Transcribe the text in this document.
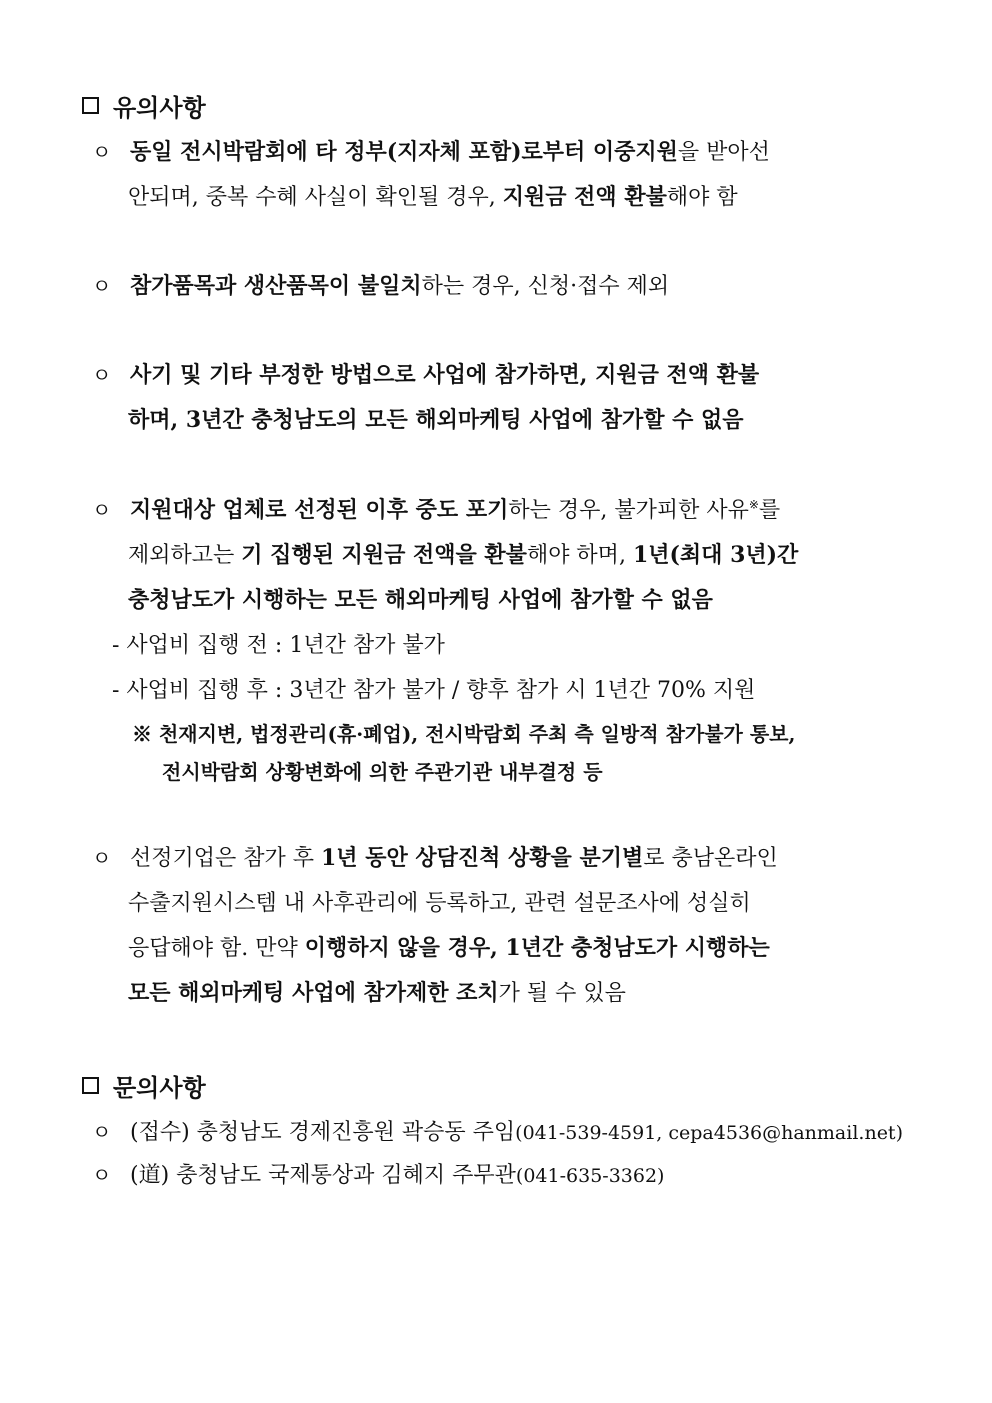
유의사항
ㅇ 동일 전시박람회에 타 정부(지자체 포함)로부터 이중지원을 받아선
안되며, 중복 수혜 사실이 확인될 경우, 지원금 전액 환불해야 함
ㅇ 참가품목과 생산품목이 불일치하는 경우, 신청·접수 제외
ㅇ 사기 및 기타 부정한 방법으로 사업에 참가하면, 지원금 전액 환불
하며, 3년간 충청남도의 모든 해외마케팅 사업에 참가할 수 없음
ㅇ 지원대상 업체로 선정된 이후 중도 포기하는 경우, 불가피한 사유※를
제외하고는 기 집행된 지원금 전액을 환불해야 하며, 1년(최대 3년)간
충청남도가 시행하는 모든 해외마케팅 사업에 참가할 수 없음
- 사업비 집행 전 : 1년간 참가 불가
- 사업비 집행 후 : 3년간 참가 불가 / 향후 참가 시 1년간 70% 지원
※ 천재지변, 법정관리(휴·폐업), 전시박람회 주최 측 일방적 참가불가 통보,
전시박람회 상황변화에 의한 주관기관 내부결정 등
ㅇ 선정기업은 참가 후 1년 동안 상담진척 상황을 분기별로 충남온라인
수출지원시스템 내 사후관리에 등록하고, 관련 설문조사에 성실히
응답해야 함. 만약 이행하지 않을 경우, 1년간 충청남도가 시행하는
모든 해외마케팅 사업에 참가제한 조치가 될 수 있음
문의사항
ㅇ (접수) 충청남도 경제진흥원 곽승동 주임(041-539-4591, cepa4536@hanmail.net)
ㅇ (道) 충청남도 국제통상과 김혜지 주무관(041-635-3362)
